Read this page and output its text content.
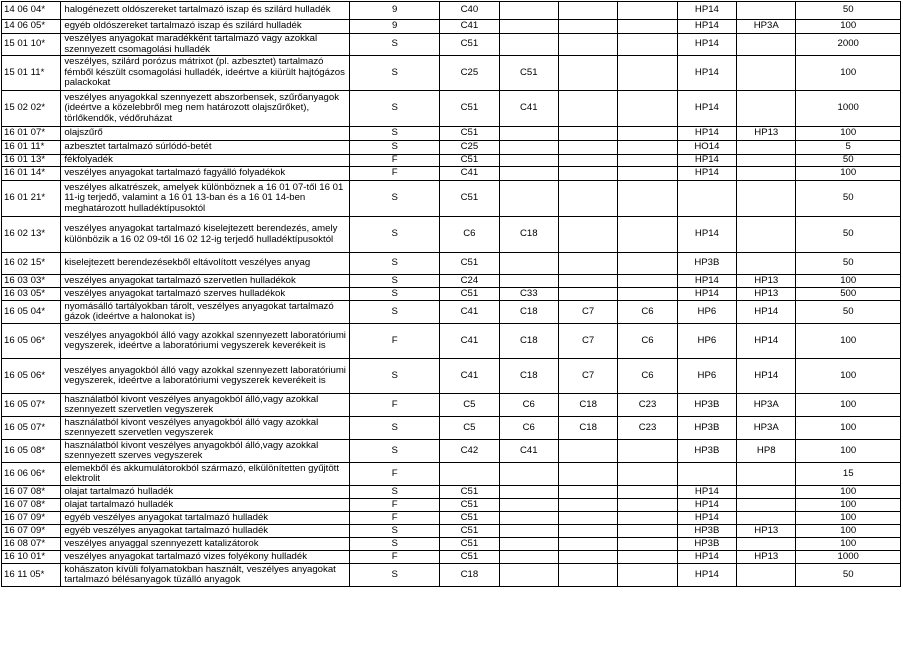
14 06 04*	halogénezett oldószereket tartalmazó iszap és szilárd hulladék	9	C40				HP14		50
14 06 05*	egyéb oldószereket tartalmazó iszap és szilárd hulladék	9	C41				HP14	HP3A	100
15 01 10*	veszélyes anyagokat maradékként tartalmazó vagy azokkal szennyezett csomagolási hulladék	S	C51				HP14		2000
15 01 11*	veszélyes, szilárd porózus mátrixot (pl. azbesztet) tartalmazó fémből készült csomagolási hulladék, ideértve a kiürült hajtógázos palackokat	S	C25	C51			HP14		100
15 02 02*	veszélyes anyagokkal szennyezett abszorbensek, szűrőanyagok (ideértve a közelebbről meg nem határozott olajszűrőket), törlőkendők, védőruházat	S	C51	C41			HP14		1000
16 01 07*	olajszűrő	S	C51				HP14	HP13	100
16 01 11*	azbesztet tartalmazó súrlódó-betét	S	C25				HO14		5
16 01 13*	fékfolyadék	F	C51				HP14		50
16 01 14*	veszélyes anyagokat tartalmazó fagyálló folyadékok	F	C41				HP14		100
16 01 21*	veszélyes alkatrészek, amelyek különböznek a 16 01 07-től 16 01 11-ig terjedő, valamint a 16 01 13-ban és a 16 01 14-ben meghatározott hulladéktípusoktól	S	C51						50
16 02 13*	veszélyes anyagokat tartalmazó kiselejtezett berendezés, amely különbözik a 16 02 09-től 16 02 12-ig terjedő hulladéktípusoktól	S	C6	C18			HP14		50
16 02 15*	kiselejtezett berendezésekből eltávolított veszélyes anyag	S	C51				HP3B		50
16 03 03*	veszélyes anyagokat tartalmazó szervetlen hulladékok	S	C24				HP14	HP13	100
16 03 05*	veszélyes anyagokat tartalmazó szerves hulladékok	S	C51	C33			HP14	HP13	500
16 05 04*	nyomásálló tartályokban tárolt, veszélyes anyagokat tartalmazó gázok (ideértve a halonokat is)	S	C41	C18	C7	C6	HP6	HP14	50
16 05 06*	veszélyes anyagokból álló vagy azokkal szennyezett laboratóriumi vegyszerek, ideértve a laboratóriumi vegyszerek keverékeit is	F	C41	C18	C7	C6	HP6	HP14	100
16 05 06*	veszélyes anyagokból álló vagy azokkal szennyezett laboratóriumi vegyszerek, ideértve a laboratóriumi vegyszerek keverékeit is	S	C41	C18	C7	C6	HP6	HP14	100
16 05 07*	használatból kivont veszélyes anyagokból álló,vagy azokkal szennyezett szervetlen vegyszerek	F	C5	C6	C18	C23	HP3B	HP3A	100
16 05 07*	használatból kivont veszélyes anyagokból álló vagy azokkal szennyezett szervetlen vegyszerek	S	C5	C6	C18	C23	HP3B	HP3A	100
16 05 08*	használatból kivont veszélyes anyagokból álló,vagy azokkal szennyezett szerves vegyszerek	S	C42	C41			HP3B	HP8	100
16 06 06*	elemekből és akkumulátorokból származó, elkülönítetten gyűjtött elektrolit	F							15
16 07 08*	olajat tartalmazó hulladék	S	C51				HP14		100
16 07 08*	olajat tartalmazó hulladék	F	C51				HP14		100
16 07 09*	egyéb veszélyes anyagokat tartalmazó hulladék	F	C51				HP14		100
16 07 09*	egyéb veszélyes anyagokat tartalmazó hulladék	S	C51				HP3B	HP13	100
16 08 07*	veszélyes anyaggal szennyezett katalizátorok	S	C51				HP3B		100
16 10 01*	veszélyes anyagokat tartalmazó vizes folyékony hulladék	F	C51				HP14	HP13	1000
16 11 05*	kohászaton kívüli folyamatokban használt, veszélyes anyagokat tartalmazó bélésanyagok tüzálló anyagok	S	C18				HP14		50
